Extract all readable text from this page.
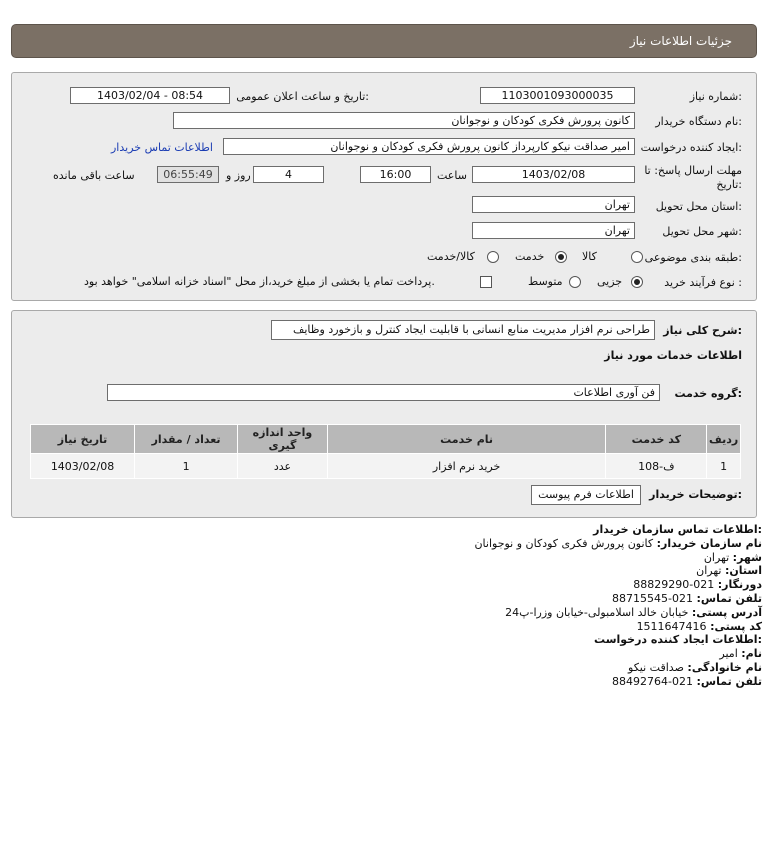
جزئیات اطلاعات نیاز
شماره نیاز:
1103001093000035
تاریخ و ساعت اعلان عمومی:
1403/02/04 - 08:54
نام دستگاه خریدار:
کانون پرورش فکری کودکان و نوجوانان
ایجاد کننده درخواست:
امیر صداقت نیکو کارپرداز کانون پرورش فکری کودکان و نوجوانان
اطلاعات تماس خریدار
مهلت ارسال پاسخ: تا
تاریخ:
1403/02/08
ساعت
16:00
4
روز و
06:55:49
ساعت باقی مانده
استان محل تحویل:
تهران
شهر محل تحویل:
تهران
طبقه بندی موضوعی:
کالا
خدمت
کالا/خدمت
نوع فرآیند خرید :
جزیی
متوسط
پرداخت تمام یا بخشی از مبلغ خرید،از محل "اسناد خزانه اسلامی" خواهد بود.
شرح کلی نیاز:
طراحی نرم افزار مدیریت منابع انسانی با قابلیت ایجاد کنترل و بازخورد وظایف
اطلاعات خدمات مورد نیاز
گروه خدمت:
فن آوری اطلاعات
تاریخ نیاز	تعداد / مقدار	واحد اندازه گیری	نام خدمت	کد خدمت	ردیف
1403/02/08	1	عدد	خرید نرم افزار	ف-108	1
توضیحات خریدار:
اطلاعات فرم پیوست
اطلاعات تماس سازمان خریدار:
نام سازمان خریدار: کانون پرورش فکری کودکان و نوجوانان
شهر: تهران
استان: تهران
دورنگار: 021-88829290
تلفن تماس: 021-88715545
آدرس پستی: خیابان خالد اسلامبولی-خیابان وزرا-پ24
کد پستی: 1511647416
اطلاعات ایجاد کننده درخواست:
نام: امیر
نام خانوادگی: صداقت نیکو
تلفن تماس: 021-88492764
